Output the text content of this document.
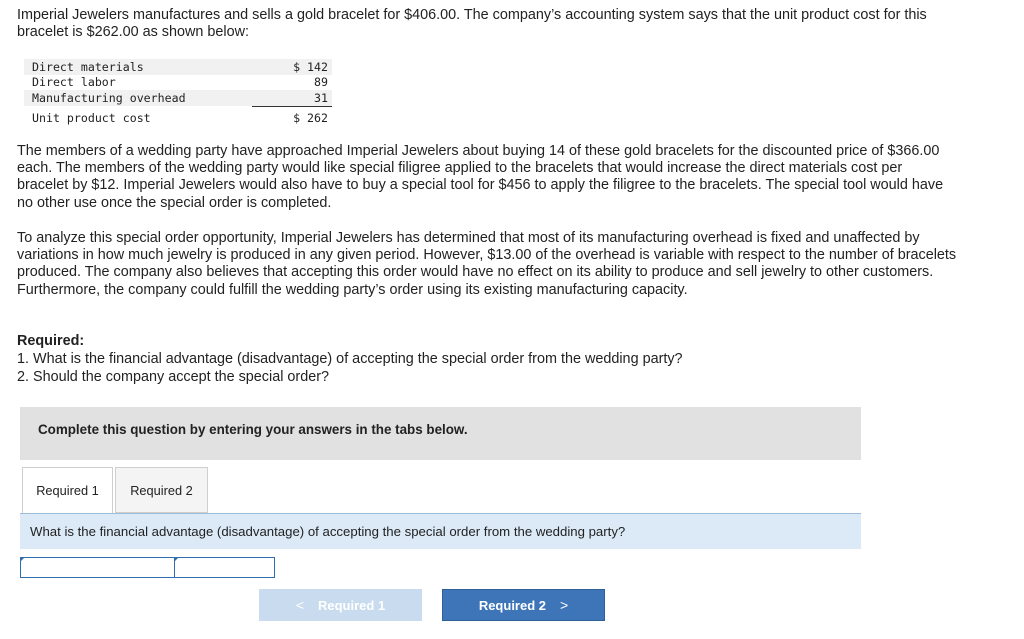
Imperial Jewelers manufactures and sells a gold bracelet for $406.00. The company’s accounting system says that the unit product cost for this bracelet is $262.00 as shown below:

Direct materials	$ 142
Direct labor	89
Manufacturing overhead	31
Unit product cost	$ 262

The members of a wedding party have approached Imperial Jewelers about buying 14 of these gold bracelets for the discounted price of $366.00 each. The members of the wedding party would like special filigree applied to the bracelets that would increase the direct materials cost per bracelet by $12. Imperial Jewelers would also have to buy a special tool for $456 to apply the filigree to the bracelets. The special tool would have no other use once the special order is completed.

To analyze this special order opportunity, Imperial Jewelers has determined that most of its manufacturing overhead is fixed and unaffected by variations in how much jewelry is produced in any given period. However, $13.00 of the overhead is variable with respect to the number of bracelets produced. The company also believes that accepting this order would have no effect on its ability to produce and sell jewelry to other customers. Furthermore, the company could fulfill the wedding party’s order using its existing manufacturing capacity.

Required:
1. What is the financial advantage (disadvantage) of accepting the special order from the wedding party?
2. Should the company accept the special order?
Complete this question by entering your answers in the tabs below.
Required 1	Required 2
What is the financial advantage (disadvantage) of accepting the special order from the wedding party?
< Required 1	Required 2 >
